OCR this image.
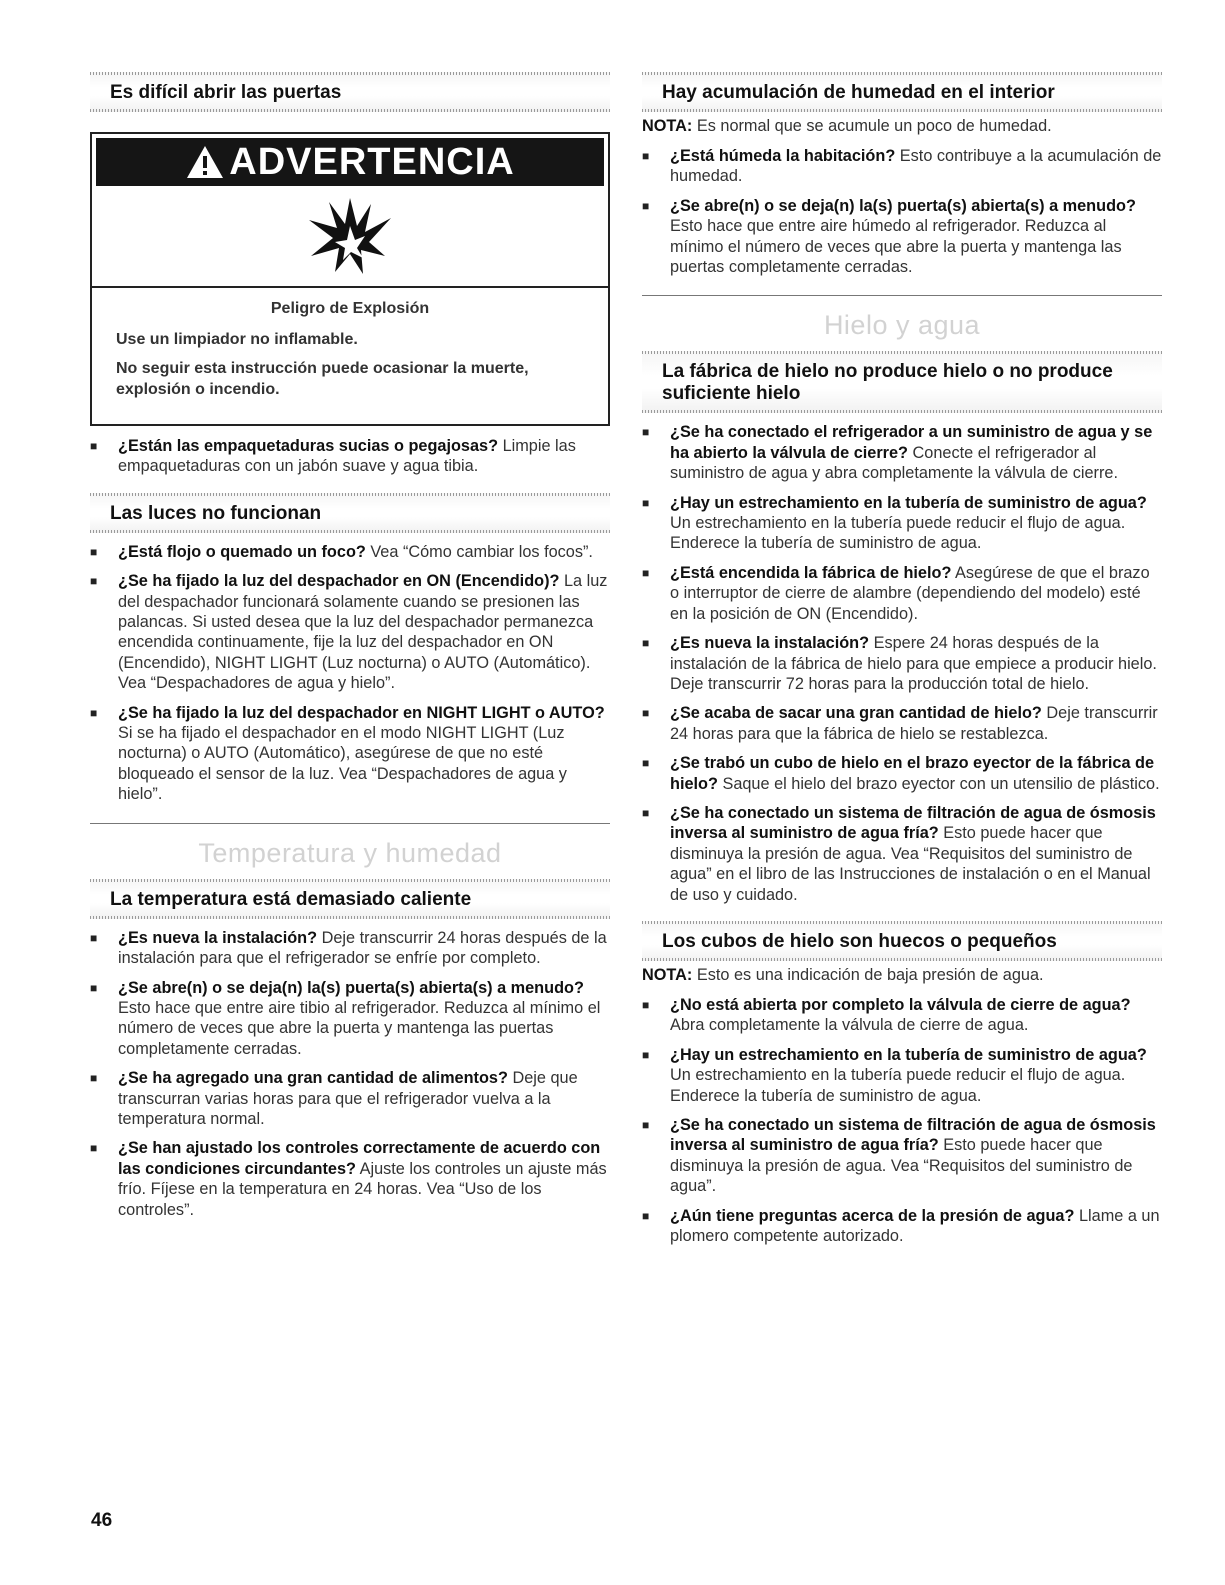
Es difícil abrir las puertas
ADVERTENCIA
Peligro de Explosión
Use un limpiador no inflamable.
No seguir esta instrucción puede ocasionar la muerte, explosión o incendio.
■ ¿Están las empaquetaduras sucias o pegajosas? Limpie las empaquetaduras con un jabón suave y agua tibia.
Las luces no funcionan
■ ¿Está flojo o quemado un foco? Vea “Cómo cambiar los focos”.
■ ¿Se ha fijado la luz del despachador en ON (Encendido)? La luz del despachador funcionará solamente cuando se presionen las palancas. Si usted desea que la luz del despachador permanezca encendida continuamente, fije la luz del despachador en ON (Encendido), NIGHT LIGHT (Luz nocturna) o AUTO (Automático). Vea “Despachadores de agua y hielo”.
■ ¿Se ha fijado la luz del despachador en NIGHT LIGHT o AUTO? Si se ha fijado el despachador en el modo NIGHT LIGHT (Luz nocturna) o AUTO (Automático), asegúrese de que no esté bloqueado el sensor de la luz. Vea “Despachadores de agua y hielo”.
Temperatura y humedad
La temperatura está demasiado caliente
■ ¿Es nueva la instalación? Deje transcurrir 24 horas después de la instalación para que el refrigerador se enfríe por completo.
■ ¿Se abre(n) o se deja(n) la(s) puerta(s) abierta(s) a menudo? Esto hace que entre aire tibio al refrigerador. Reduzca al mínimo el número de veces que abre la puerta y mantenga las puertas completamente cerradas.
■ ¿Se ha agregado una gran cantidad de alimentos? Deje que transcurran varias horas para que el refrigerador vuelva a la temperatura normal.
■ ¿Se han ajustado los controles correctamente de acuerdo con las condiciones circundantes? Ajuste los controles un ajuste más frío. Fíjese en la temperatura en 24 horas. Vea “Uso de los controles”.
Hay acumulación de humedad en el interior
NOTA: Es normal que se acumule un poco de humedad.
■ ¿Está húmeda la habitación? Esto contribuye a la acumulación de humedad.
■ ¿Se abre(n) o se deja(n) la(s) puerta(s) abierta(s) a menudo? Esto hace que entre aire húmedo al refrigerador. Reduzca al mínimo el número de veces que abre la puerta y mantenga las puertas completamente cerradas.
Hielo y agua
La fábrica de hielo no produce hielo o no produce suficiente hielo
■ ¿Se ha conectado el refrigerador a un suministro de agua y se ha abierto la válvula de cierre? Conecte el refrigerador al suministro de agua y abra completamente la válvula de cierre.
■ ¿Hay un estrechamiento en la tubería de suministro de agua? Un estrechamiento en la tubería puede reducir el flujo de agua. Enderece la tubería de suministro de agua.
■ ¿Está encendida la fábrica de hielo? Asegúrese de que el brazo o interruptor de cierre de alambre (dependiendo del modelo) esté en la posición de ON (Encendido).
■ ¿Es nueva la instalación? Espere 24 horas después de la instalación de la fábrica de hielo para que empiece a producir hielo. Deje transcurrir 72 horas para la producción total de hielo.
■ ¿Se acaba de sacar una gran cantidad de hielo? Deje transcurrir 24 horas para que la fábrica de hielo se restablezca.
■ ¿Se trabó un cubo de hielo en el brazo eyector de la fábrica de hielo? Saque el hielo del brazo eyector con un utensilio de plástico.
■ ¿Se ha conectado un sistema de filtración de agua de ósmosis inversa al suministro de agua fría? Esto puede hacer que disminuya la presión de agua. Vea “Requisitos del suministro de agua” en el libro de las Instrucciones de instalación o en el Manual de uso y cuidado.
Los cubos de hielo son huecos o pequeños
NOTA: Esto es una indicación de baja presión de agua.
■ ¿No está abierta por completo la válvula de cierre de agua? Abra completamente la válvula de cierre de agua.
■ ¿Hay un estrechamiento en la tubería de suministro de agua? Un estrechamiento en la tubería puede reducir el flujo de agua. Enderece la tubería de suministro de agua.
■ ¿Se ha conectado un sistema de filtración de agua de ósmosis inversa al suministro de agua fría? Esto puede hacer que disminuya la presión de agua. Vea “Requisitos del suministro de agua”.
■ ¿Aún tiene preguntas acerca de la presión de agua? Llame a un plomero competente autorizado.
46
